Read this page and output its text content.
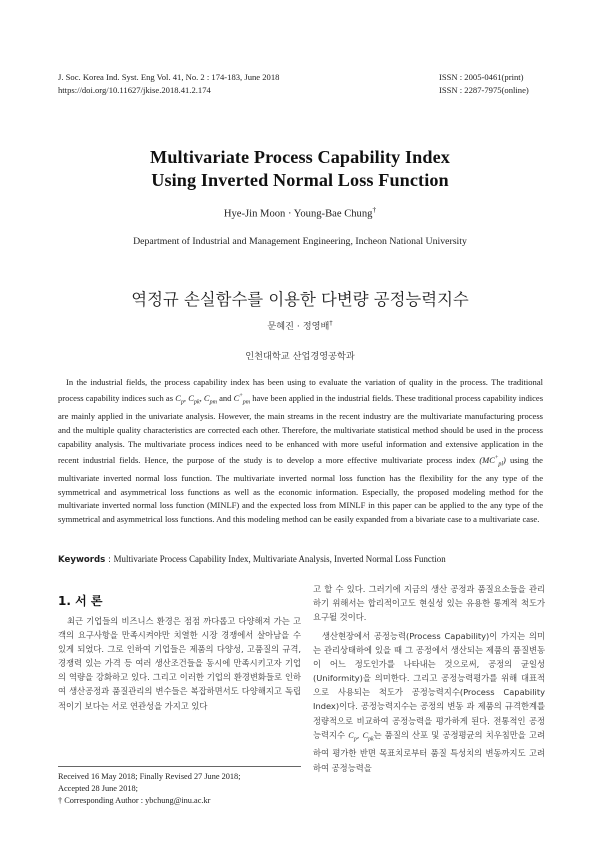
J. Soc. Korea Ind. Syst. Eng Vol. 41, No. 2 : 174-183, June 2018
https://doi.org/10.11627/jkise.2018.41.2.174
ISSN : 2005-0461(print)
ISSN : 2287-7975(online)
Multivariate Process Capability Index
Using Inverted Normal Loss Function
Hye-Jin Moon · Young-Bae Chung†
Department of Industrial and Management Engineering, Incheon National University
역정규 손실함수를 이용한 다변량 공정능력지수
문혜진 · 정영배†
인천대학교 산업경영공학과

In the industrial fields, the process capability index has been using to evaluate the variation of quality in the process. The traditional process capability indices such as $C_p$, $C_{pk}$, $C_{pm}$ and $C^+_{pm}$ have been applied in the industrial fields. These traditional process capability indices are mainly applied in the univariate analysis. However, the main streams in the recent industry are the multivariate manufacturing process and the multiple quality characteristics are corrected each other. Therefore, the multivariate statistical method should be used in the process capability analysis. The multivariate process indices need to be enhanced with more useful information and extensive application in the recent industrial fields. Hence, the purpose of the study is to develop a more effective multivariate process index $(MC^+_{pl})$ using the multivariate inverted normal loss function. The multivariate inverted normal loss function has the flexibility for the any type of the symmetrical and asymmetrical loss functions as well as the economic information. Especially, the proposed modeling method for the multivariate inverted normal loss function (MINLF) and the expected loss from MINLF in this paper can be applied to the any type of the symmetrical and asymmetrical loss functions. And this modeling method can be easily expanded from a bivariate case to a multivariate case.

Keywords : Multivariate Process Capability Index, Multivariate Analysis, Inverted Normal Loss Function
1. 서 론

최근 기업들의 비즈니스 환경은 점점 까다롭고 다양해져 가는 고객의 요구사항을 만족시켜야만 치열한 시장 경쟁에서 살아남을 수 있게 되었다. 그로 인하여 기업들은 제품의 다양성, 고품질의 규격, 경쟁력 있는 가격 등 여러 생산조건들을 동시에 만족시키고자 기업의 역량을 강화하고 있다. 그리고 이러한 기업의 환경변화들로 인하여 생산공정과 품질관리의 변수들은 복잡하면서도 다양해지고 독립적이기 보다는 서로 연관성을 가지고 있다

Received 16 May 2018; Finally Revised 27 June 2018;
Accepted 28 June 2018;
† Corresponding Author : ybchung@inu.ac.kr

고 할 수 있다. 그러기에 지금의 생산 공정과 품질요소들을 관리하기 위해서는 합리적이고도 현실성 있는 유용한 통계적 척도가 요구될 것이다.

생산현장에서 공정능력(Process Capability)이 가지는 의미는 관리상태하에 있을 때 그 공정에서 생산되는 제품의 품질변동이 어느 정도인가를 나타내는 것으로써, 공정의 균일성(Uniformity)을 의미한다. 그리고 공정능력평가를 위해 대표적으로 사용되는 척도가 공정능력지수(Process Capability Index)이다. 공정능력지수는 공정의 변동 과 제품의 규격한계를 정량적으로 비교하여 공정능력을 평가하게 된다. 전통적인 공정능력지수 $C_p$, $C_{pk}$는 품질의 산포 및 공정평균의 치우침만을 고려하여 평가한 반면 목표치로부터 품질 특성치의 변동까지도 고려하여 공정능력을
